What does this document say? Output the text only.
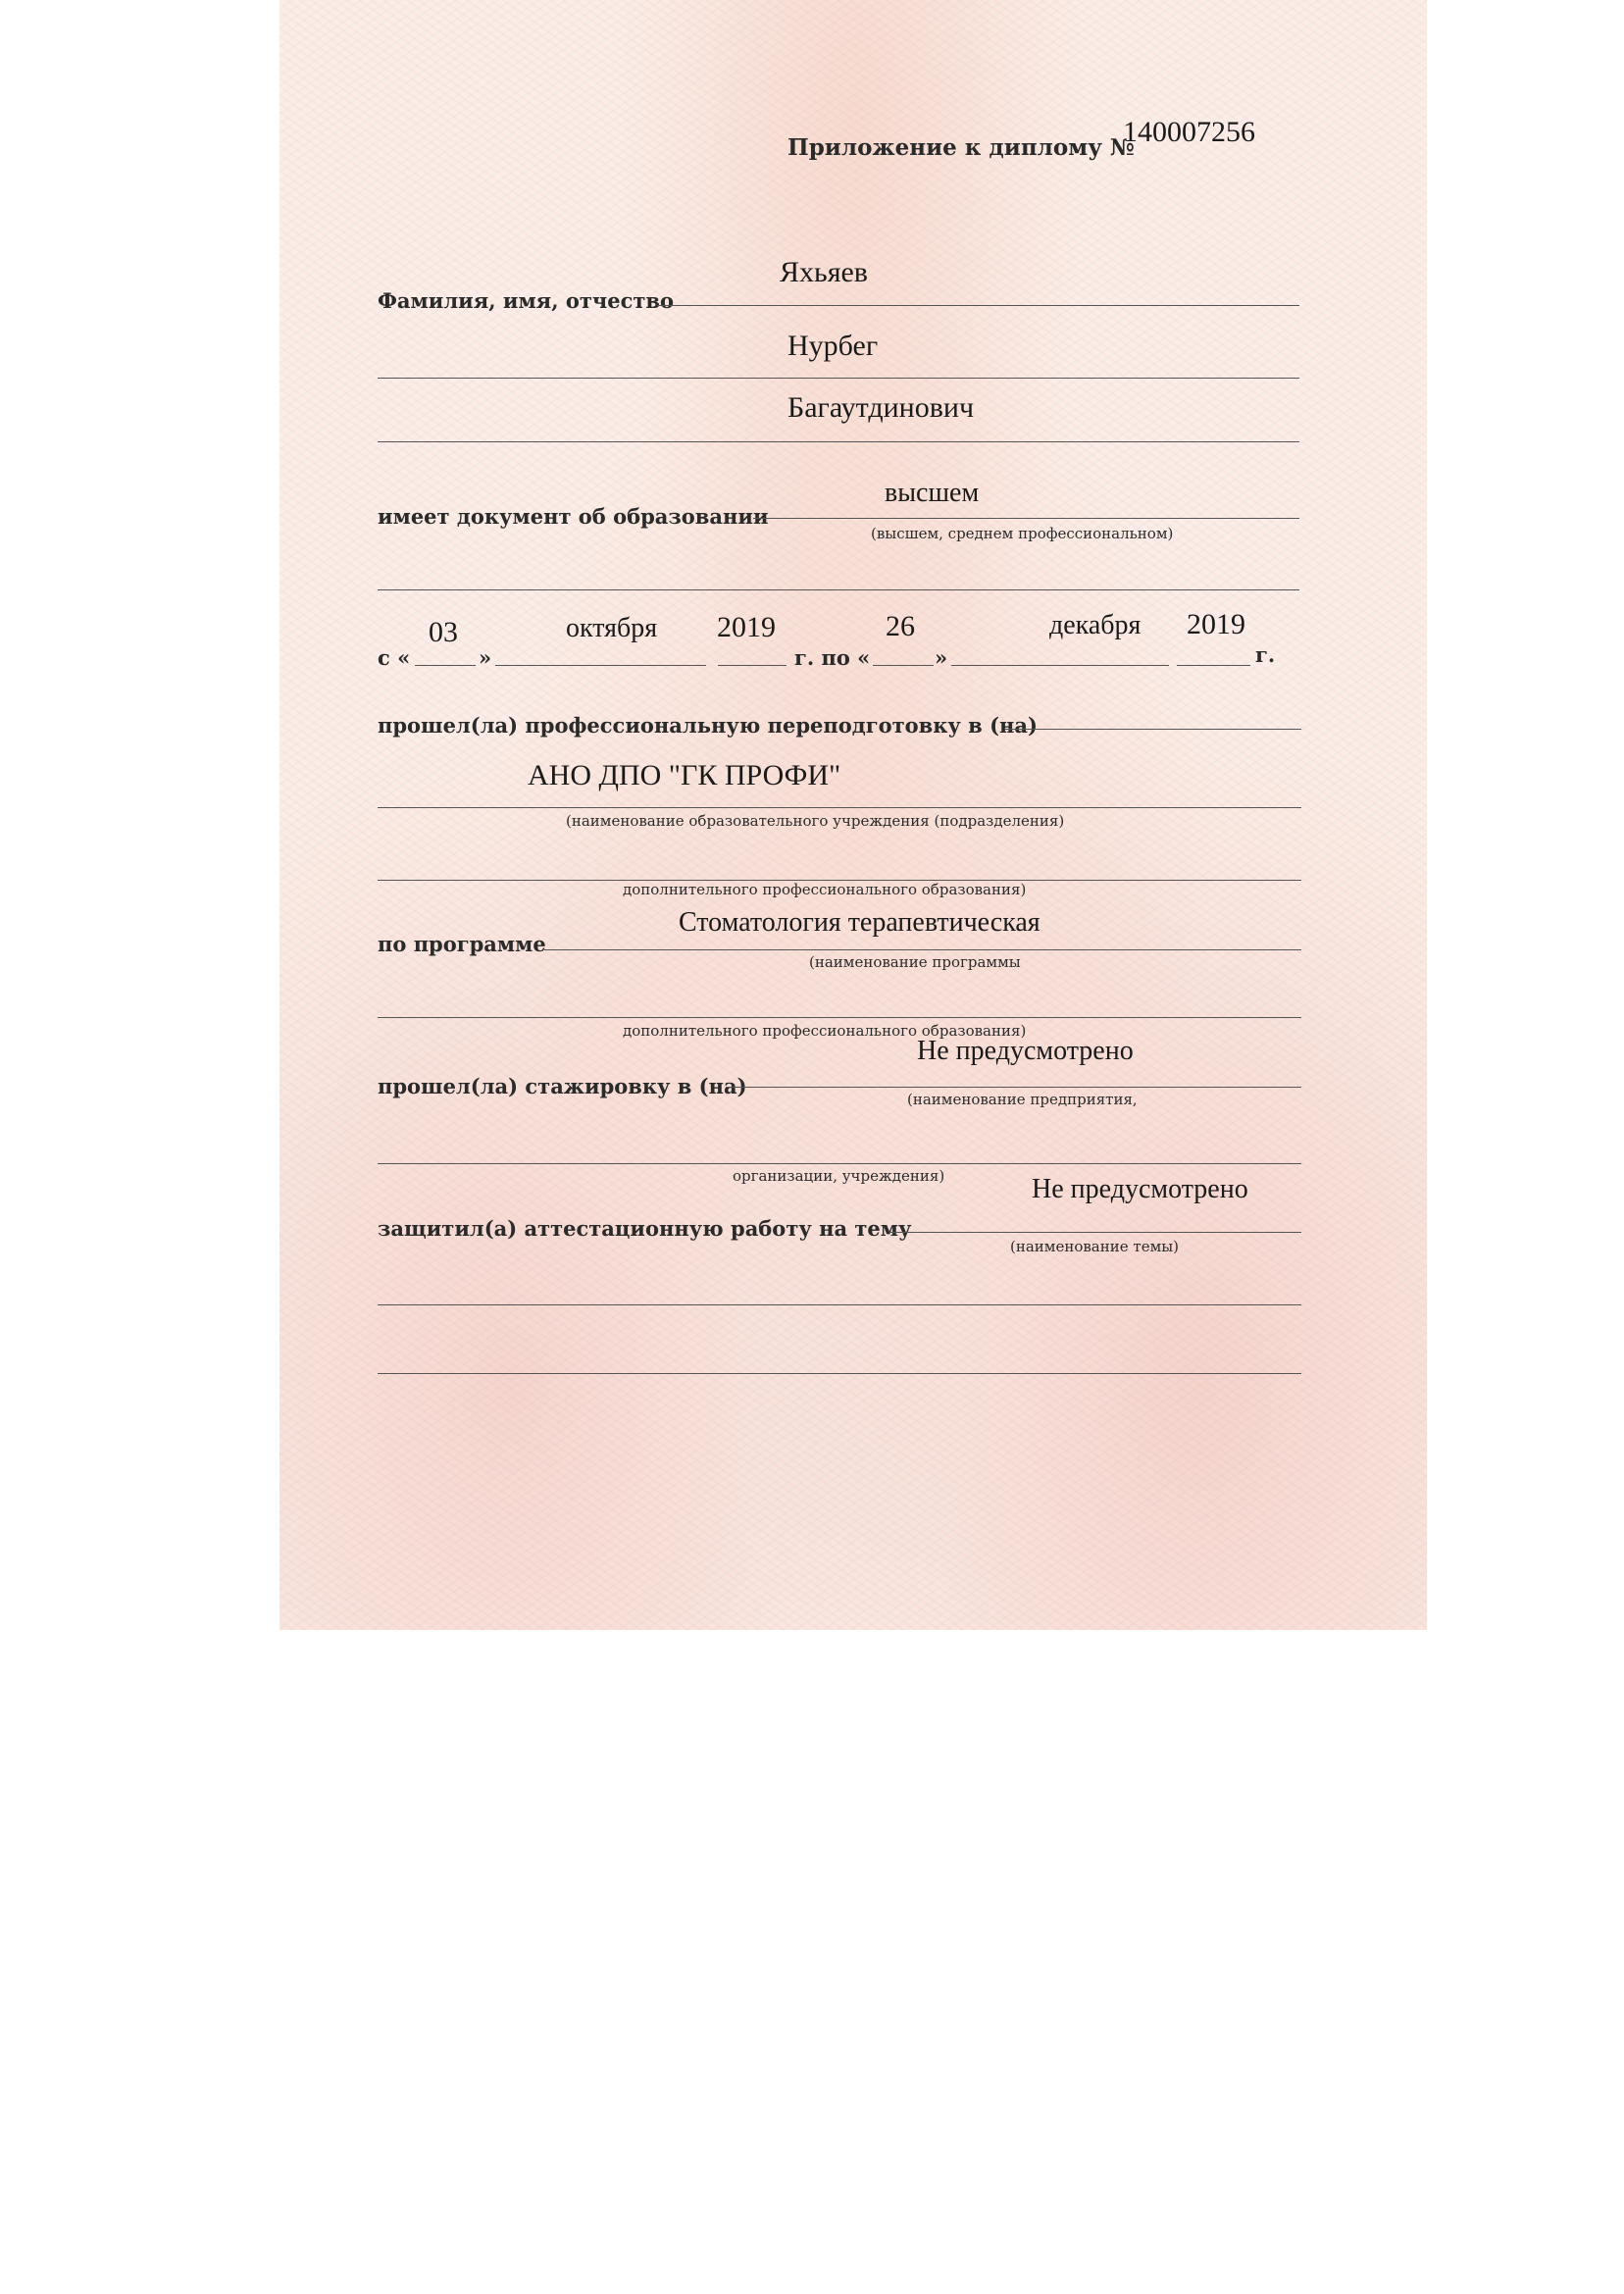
Приложение к диплому №
140007256
Фамилия, имя, отчество
Яхьяев
Нурбег
Багаутдинович
имеет документ об образовании
высшем
(высшем, среднем профессиональном)
с «
03
»
октября 2019
г. по «
26
»
декабря 2019
г.
прошел(ла) профессиональную переподготовку в (на)
АНО ДПО "ГК ПРОФИ"
(наименование образовательного учреждения (подразделения)
дополнительного профессионального образования)
по программе
Стоматология терапевтическая
(наименование программы
дополнительного профессионального образования)
прошел(ла) стажировку в (на)
Не предусмотрено
(наименование предприятия,
организации, учреждения)
защитил(а) аттестационную работу на тему
Не предусмотрено
(наименование темы)
